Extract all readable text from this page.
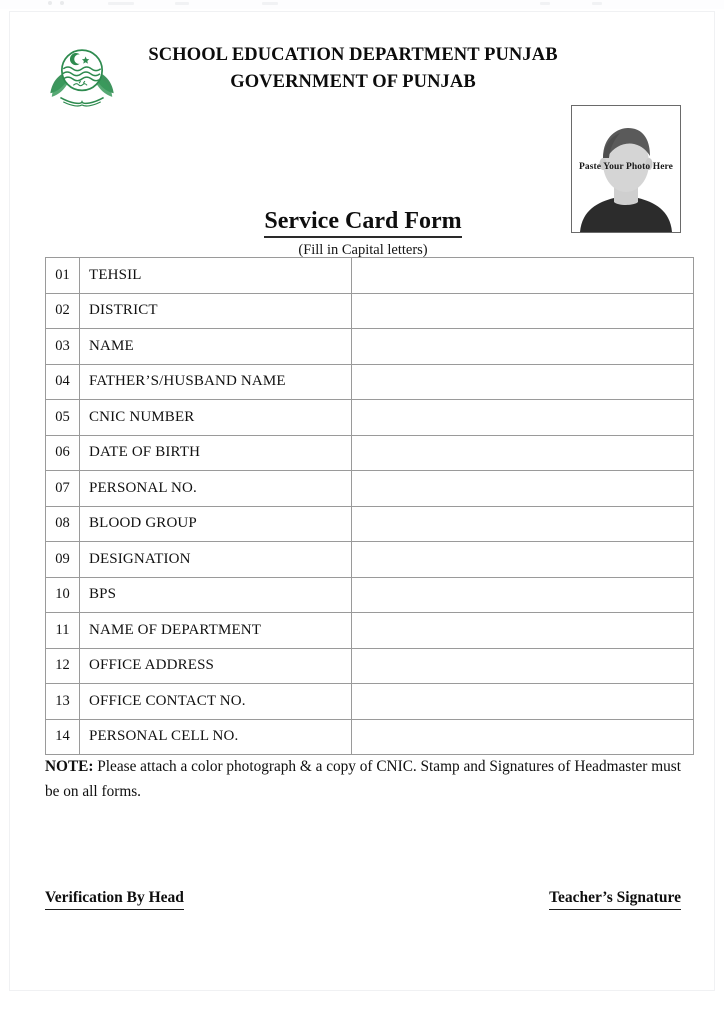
SCHOOL EDUCATION DEPARTMENT PUNJAB
GOVERNMENT OF PUNJAB
Paste Your Photo Here
Service Card Form
(Fill in Capital letters)
01	TEHSIL	
02	DISTRICT	
03	NAME	
04	FATHER’S/HUSBAND NAME	
05	CNIC NUMBER	
06	DATE OF BIRTH	
07	PERSONAL NO.	
08	BLOOD GROUP	
09	DESIGNATION	
10	BPS	
11	NAME OF DEPARTMENT	
12	OFFICE ADDRESS	
13	OFFICE CONTACT NO.	
14	PERSONAL CELL NO.	
NOTE: Please attach a color photograph & a copy of CNIC. Stamp and Signatures of Headmaster must be on all forms.
Verification By Head	Teacher’s Signature
